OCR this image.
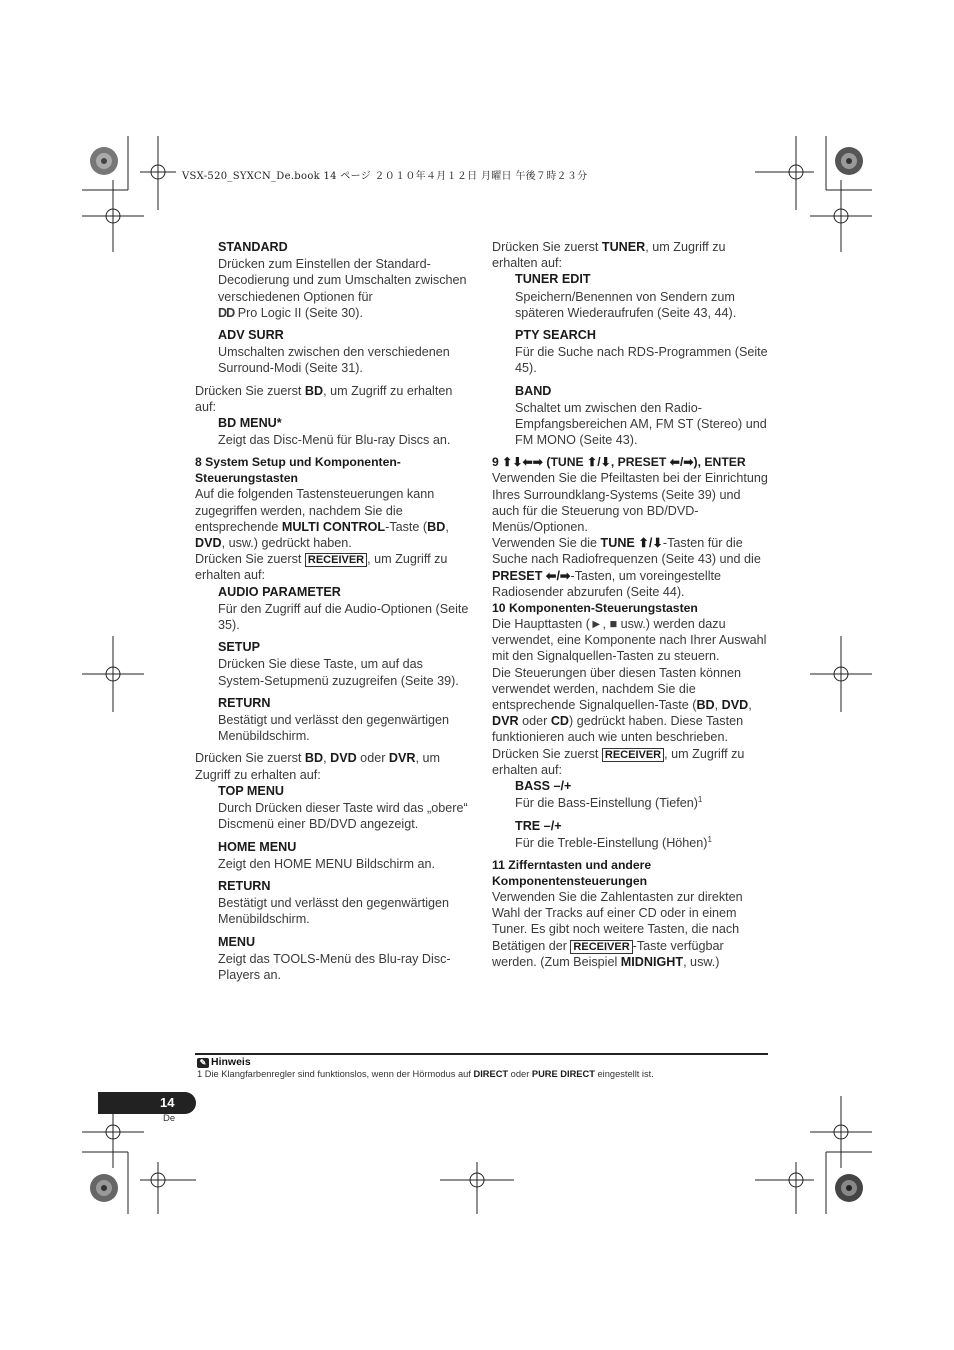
VSX-520_SYXCN_De.book 14 ページ ２０１０年４月１２日 月曜日 午後７時２３分
STANDARD
Drücken zum Einstellen der Standard-Decodierung und zum Umschalten zwischen verschiedenen Optionen für
DD Pro Logic II (Seite 30).
ADV SURR
Umschalten zwischen den verschiedenen Surround-Modi (Seite 31).

Drücken Sie zuerst BD, um Zugriff zu erhalten auf:

BD MENU*
Zeigt das Disc-Menü für Blu-ray Discs an.

8 System Setup und Komponenten-Steuerungstasten

Auf die folgenden Tastensteuerungen kann zugegriffen werden, nachdem Sie die entsprechende MULTI CONTROL-Taste (BD, DVD, usw.) gedrückt haben.

Drücken Sie zuerst RECEIVER , um Zugriff zu erhalten auf:

AUDIO PARAMETER
Für den Zugriff auf die Audio-Optionen (Seite 35).
SETUP
Drücken Sie diese Taste, um auf das System-Setupmenü zuzugreifen (Seite 39).
RETURN
Bestätigt und verlässt den gegenwärtigen Menübildschirm.

Drücken Sie zuerst BD, DVD oder DVR, um Zugriff zu erhalten auf:

TOP MENU
Durch Drücken dieser Taste wird das „obere“ Discmenü einer BD/DVD angezeigt.
HOME MENU
Zeigt den HOME MENU Bildschirm an.
RETURN
Bestätigt und verlässt den gegenwärtigen Menübildschirm.
MENU
Zeigt das TOOLS-Menü des Blu-ray Disc-Players an.

Drücken Sie zuerst TUNER, um Zugriff zu erhalten auf:

TUNER EDIT
Speichern/Benennen von Sendern zum späteren Wiederaufrufen (Seite 43, 44).
PTY SEARCH
Für die Suche nach RDS-Programmen (Seite 45).
BAND
Schaltet um zwischen den Radio-Empfangsbereichen AM, FM ST (Stereo) und FM MONO (Seite 43).

9 ⬆⬇⬅➡ (TUNE ⬆/⬇, PRESET ⬅/➡), ENTER

Verwenden Sie die Pfeiltasten bei der Einrichtung Ihres Surroundklang-Systems (Seite 39) und auch für die Steuerung von BD/DVD-Menüs/Optionen.

Verwenden Sie die TUNE ⬆/⬇-Tasten für die Suche nach Radiofrequenzen (Seite 43) und die PRESET ⬅/➡-Tasten, um voreingestellte Radiosender abzurufen (Seite 44).

10 Komponenten-Steuerungstasten

Die Haupttasten (►, ■ usw.) werden dazu verwendet, eine Komponente nach Ihrer Auswahl mit den Signalquellen-Tasten zu steuern.

Die Steuerungen über diesen Tasten können verwendet werden, nachdem Sie die entsprechende Signalquellen-Taste (BD, DVD, DVR oder CD) gedrückt haben. Diese Tasten funktionieren auch wie unten beschrieben.

Drücken Sie zuerst RECEIVER , um Zugriff zu erhalten auf:

BASS –/+
Für die Bass-Einstellung (Tiefen)$^1$
TRE –/+
Für die Treble-Einstellung (Höhen)$^1$

11 Zifferntasten und andere Komponentensteuerungen

Verwenden Sie die Zahlentasten zur direkten Wahl der Tracks auf einer CD oder in einem Tuner. Es gibt noch weitere Tasten, die nach Betätigen der RECEIVER -Taste verfügbar werden. (Zum Beispiel MIDNIGHT, usw.)

✎ Hinweis
1 Die Klangfarbenregler sind funktionslos, wenn der Hörmodus auf DIRECT oder PURE DIRECT eingestellt ist.
14
De
